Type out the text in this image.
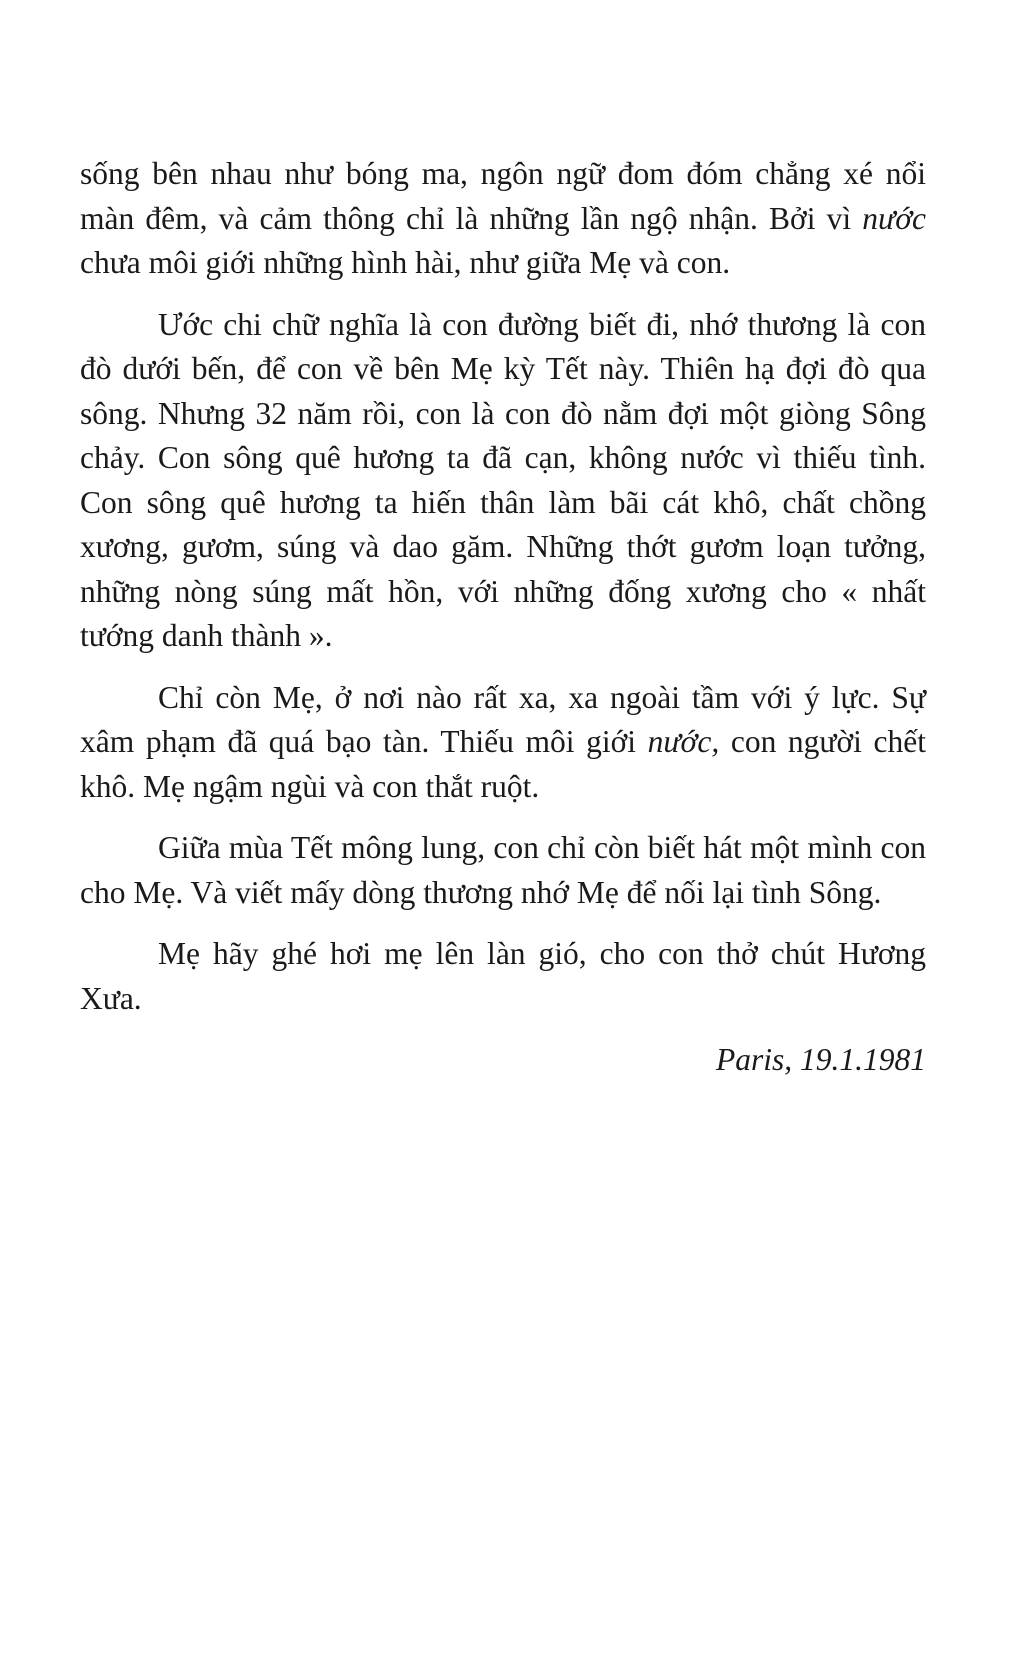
sống bên nhau như bóng ma, ngôn ngữ đom đóm chẳng xé nổi màn đêm, và cảm thông chỉ là những lần ngộ nhận. Bởi vì nước chưa môi giới những hình hài, như giữa Mẹ và con.

Ước chi chữ nghĩa là con đường biết đi, nhớ thương là con đò dưới bến, để con về bên Mẹ kỳ Tết này. Thiên hạ đợi đò qua sông. Nhưng 32 năm rồi, con là con đò nằm đợi một giòng Sông chảy. Con sông quê hương ta đã cạn, không nước vì thiếu tình. Con sông quê hương ta hiến thân làm bãi cát khô, chất chồng xương, gươm, súng và dao găm. Những thớt gươm loạn tưởng, những nòng súng mất hồn, với những đống xương cho « nhất tướng danh thành ».

Chỉ còn Mẹ, ở nơi nào rất xa, xa ngoài tầm với ý lực. Sự xâm phạm đã quá bạo tàn. Thiếu môi giới nước, con người chết khô. Mẹ ngậm ngùi và con thắt ruột.

Giữa mùa Tết mông lung, con chỉ còn biết hát một mình con cho Mẹ. Và viết mấy dòng thương nhớ Mẹ để nối lại tình Sông.

Mẹ hãy ghé hơi mẹ lên làn gió, cho con thở chút Hương Xưa.

Paris, 19.1.1981
